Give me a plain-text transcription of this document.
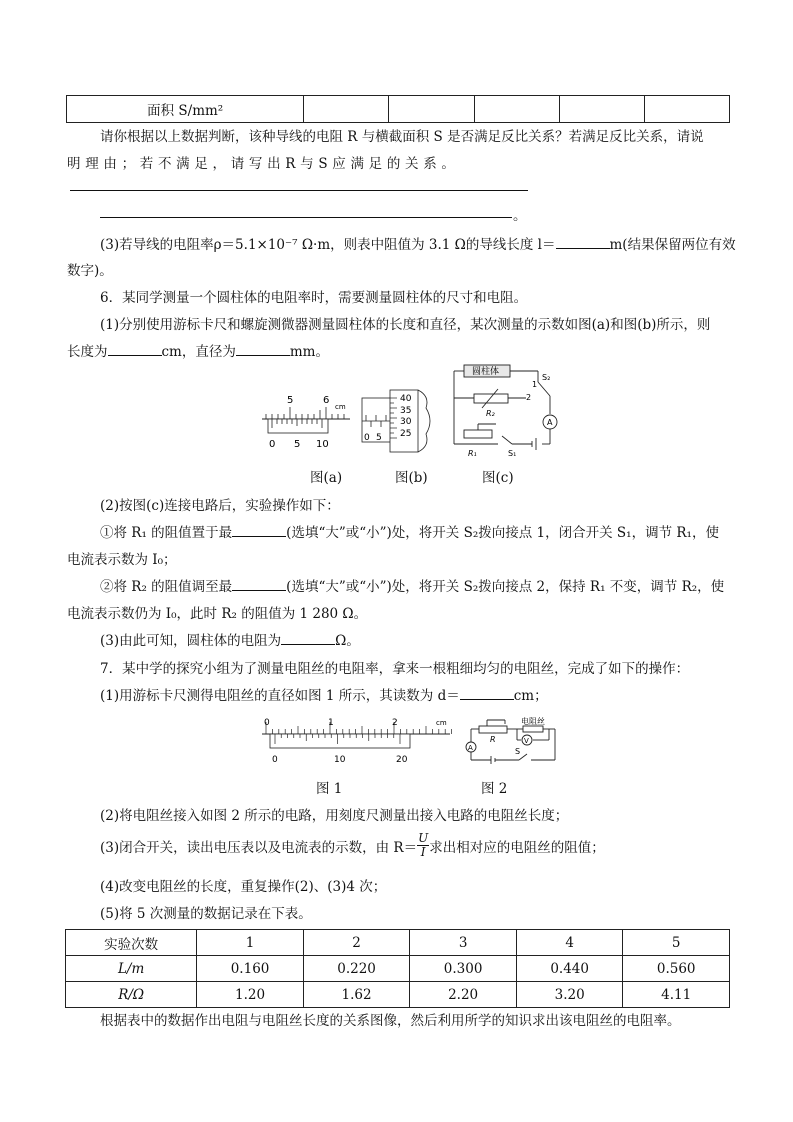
面积 S/mm²					
请你根据以上数据判断，该种导线的电阻 R 与横截面积 S 是否满足反比关系？若满足反比关系，请说
明 理 由 ； 若 不 满 足 ， 请 写 出 R 与 S 应 满 足 的 关 系 。
。
(3)若导线的电阻率ρ＝5.1×10⁻⁷ Ω·m，则表中阻值为 3.1 Ω的导线长度 l＝	m(结果保留两位有效
数字)。
6．某同学测量一个圆柱体的电阻率时，需要测量圆柱体的尺寸和电阻。
(1)分别使用游标卡尺和螺旋测微器测量圆柱体的长度和直径，某次测量的示数如图(a)和图(b)所示，则
长度为	cm，直径为	mm。
5	6
cm
0 5 10
图(a)
40
35
30
25
0 5
图(b)
圆柱体
S₂
1
2
R₂
A
R₁	S₁
图(c)
(2)按图(c)连接电路后，实验操作如下：
①将 R₁ 的阻值置于最	(选填“大”或“小”)处，将开关 S₂拨向接点 1，闭合开关 S₁，调节 R₁，使
电流表示数为 I₀；
②将 R₂ 的阻值调至最	(选填“大”或“小”)处，将开关 S₂拨向接点 2，保持 R₁ 不变，调节 R₂，使
电流表示数仍为 I₀，此时 R₂ 的阻值为 1 280 Ω。
(3)由此可知，圆柱体的电阻为	Ω。
7．某中学的探究小组为了测量电阻丝的电阻率，拿来一根粗细均匀的电阻丝，完成了如下的操作：
(1)用游标卡尺测得电阻丝的直径如图 1 所示，其读数为 d＝	cm；
0	1	2	cm
0	10	20
图 1
电阻丝
R
A
V
S
图 2
(2)将电阻丝接入如图 2 所示的电路，用刻度尺测量出接入电路的电阻丝长度；
(3)闭合开关，读出电压表以及电流表的示数，由 $R= \frac{U}{I}$ 求出相对应的电阻丝的阻值；
(4)改变电阻丝的长度，重复操作(2)、(3)4 次；
(5)将 5 次测量的数据记录在下表。
实验次数	1	2	3	4	5
L/m	0.160	0.220	0.300	0.440	0.560
R/Ω	1.20	1.62	2.20	3.20	4.11
根据表中的数据作出电阻与电阻丝长度的关系图像，然后利用所学的知识求出该电阻丝的电阻率。
